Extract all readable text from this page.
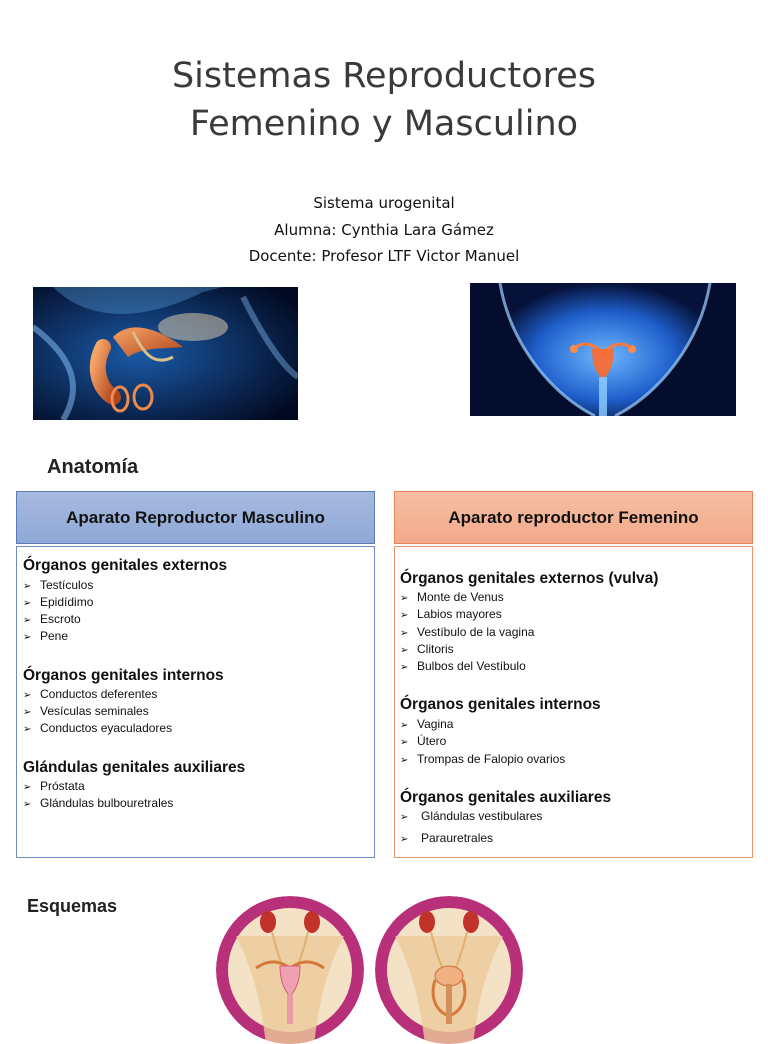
Sistemas Reproductores
Femenino y Masculino
Sistema urogenital
Alumna: Cynthia Lara Gámez
Docente: Profesor LTF Victor Manuel
Anatomía
Aparato Reproductor Masculino
Órganos genitales externos
➢ Testículos
➢ Epidídimo
➢ Escroto
➢ Pene
Órganos genitales internos
➢ Conductos deferentes
➢ Vesículas seminales
➢ Conductos eyaculadores
Glándulas genitales auxiliares
➢ Próstata
➢ Glándulas bulbouretrales
Aparato reproductor Femenino
Órganos genitales externos (vulva)
➢ Monte de Venus
➢ Labios mayores
➢ Vestíbulo de la vagina
➢ Clitoris
➢ Bulbos del Vestíbulo
Órganos genitales internos
➢ Vagina
➢ Útero
➢ Trompas de Falopio ovarios
Órganos genitales auxiliares
➢ Glándulas vestibulares
➢ Parauretrales
Esquemas
